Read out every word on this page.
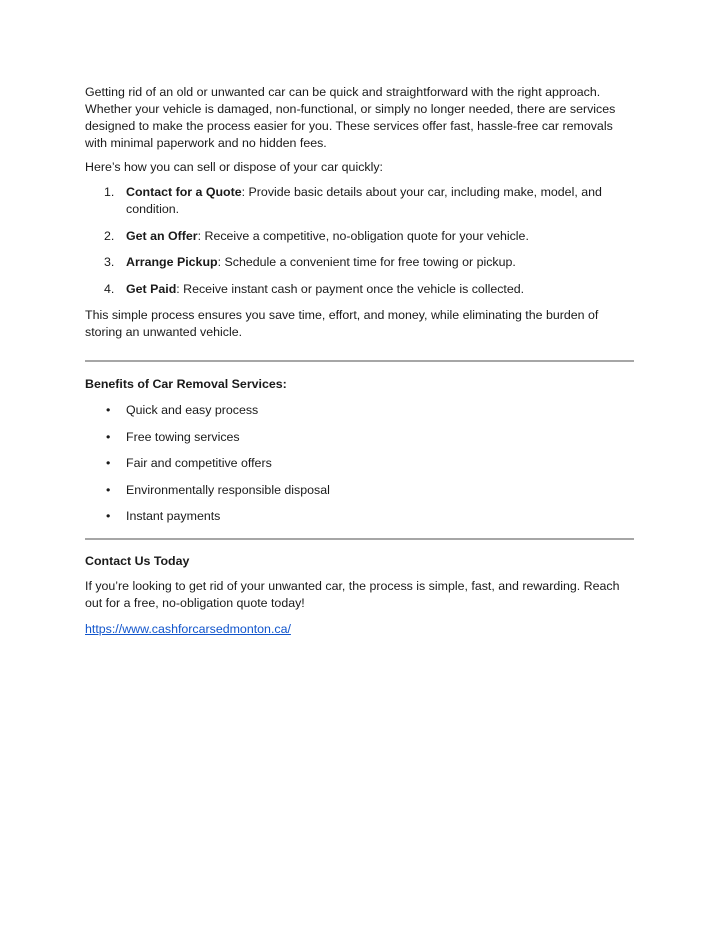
Getting rid of an old or unwanted car can be quick and straightforward with the right approach. Whether your vehicle is damaged, non-functional, or simply no longer needed, there are services designed to make the process easier for you. These services offer fast, hassle-free car removals with minimal paperwork and no hidden fees.

Here’s how you can sell or dispose of your car quickly:

1. Contact for a Quote: Provide basic details about your car, including make, model, and condition.
2. Get an Offer: Receive a competitive, no-obligation quote for your vehicle.
3. Arrange Pickup: Schedule a convenient time for free towing or pickup.
4. Get Paid: Receive instant cash or payment once the vehicle is collected.

This simple process ensures you save time, effort, and money, while eliminating the burden of storing an unwanted vehicle.

Benefits of Car Removal Services:
• Quick and easy process
• Free towing services
• Fair and competitive offers
• Environmentally responsible disposal
• Instant payments
Contact Us Today

If you’re looking to get rid of your unwanted car, the process is simple, fast, and rewarding. Reach out for a free, no-obligation quote today!

https://www.cashforcarsedmonton.ca/
